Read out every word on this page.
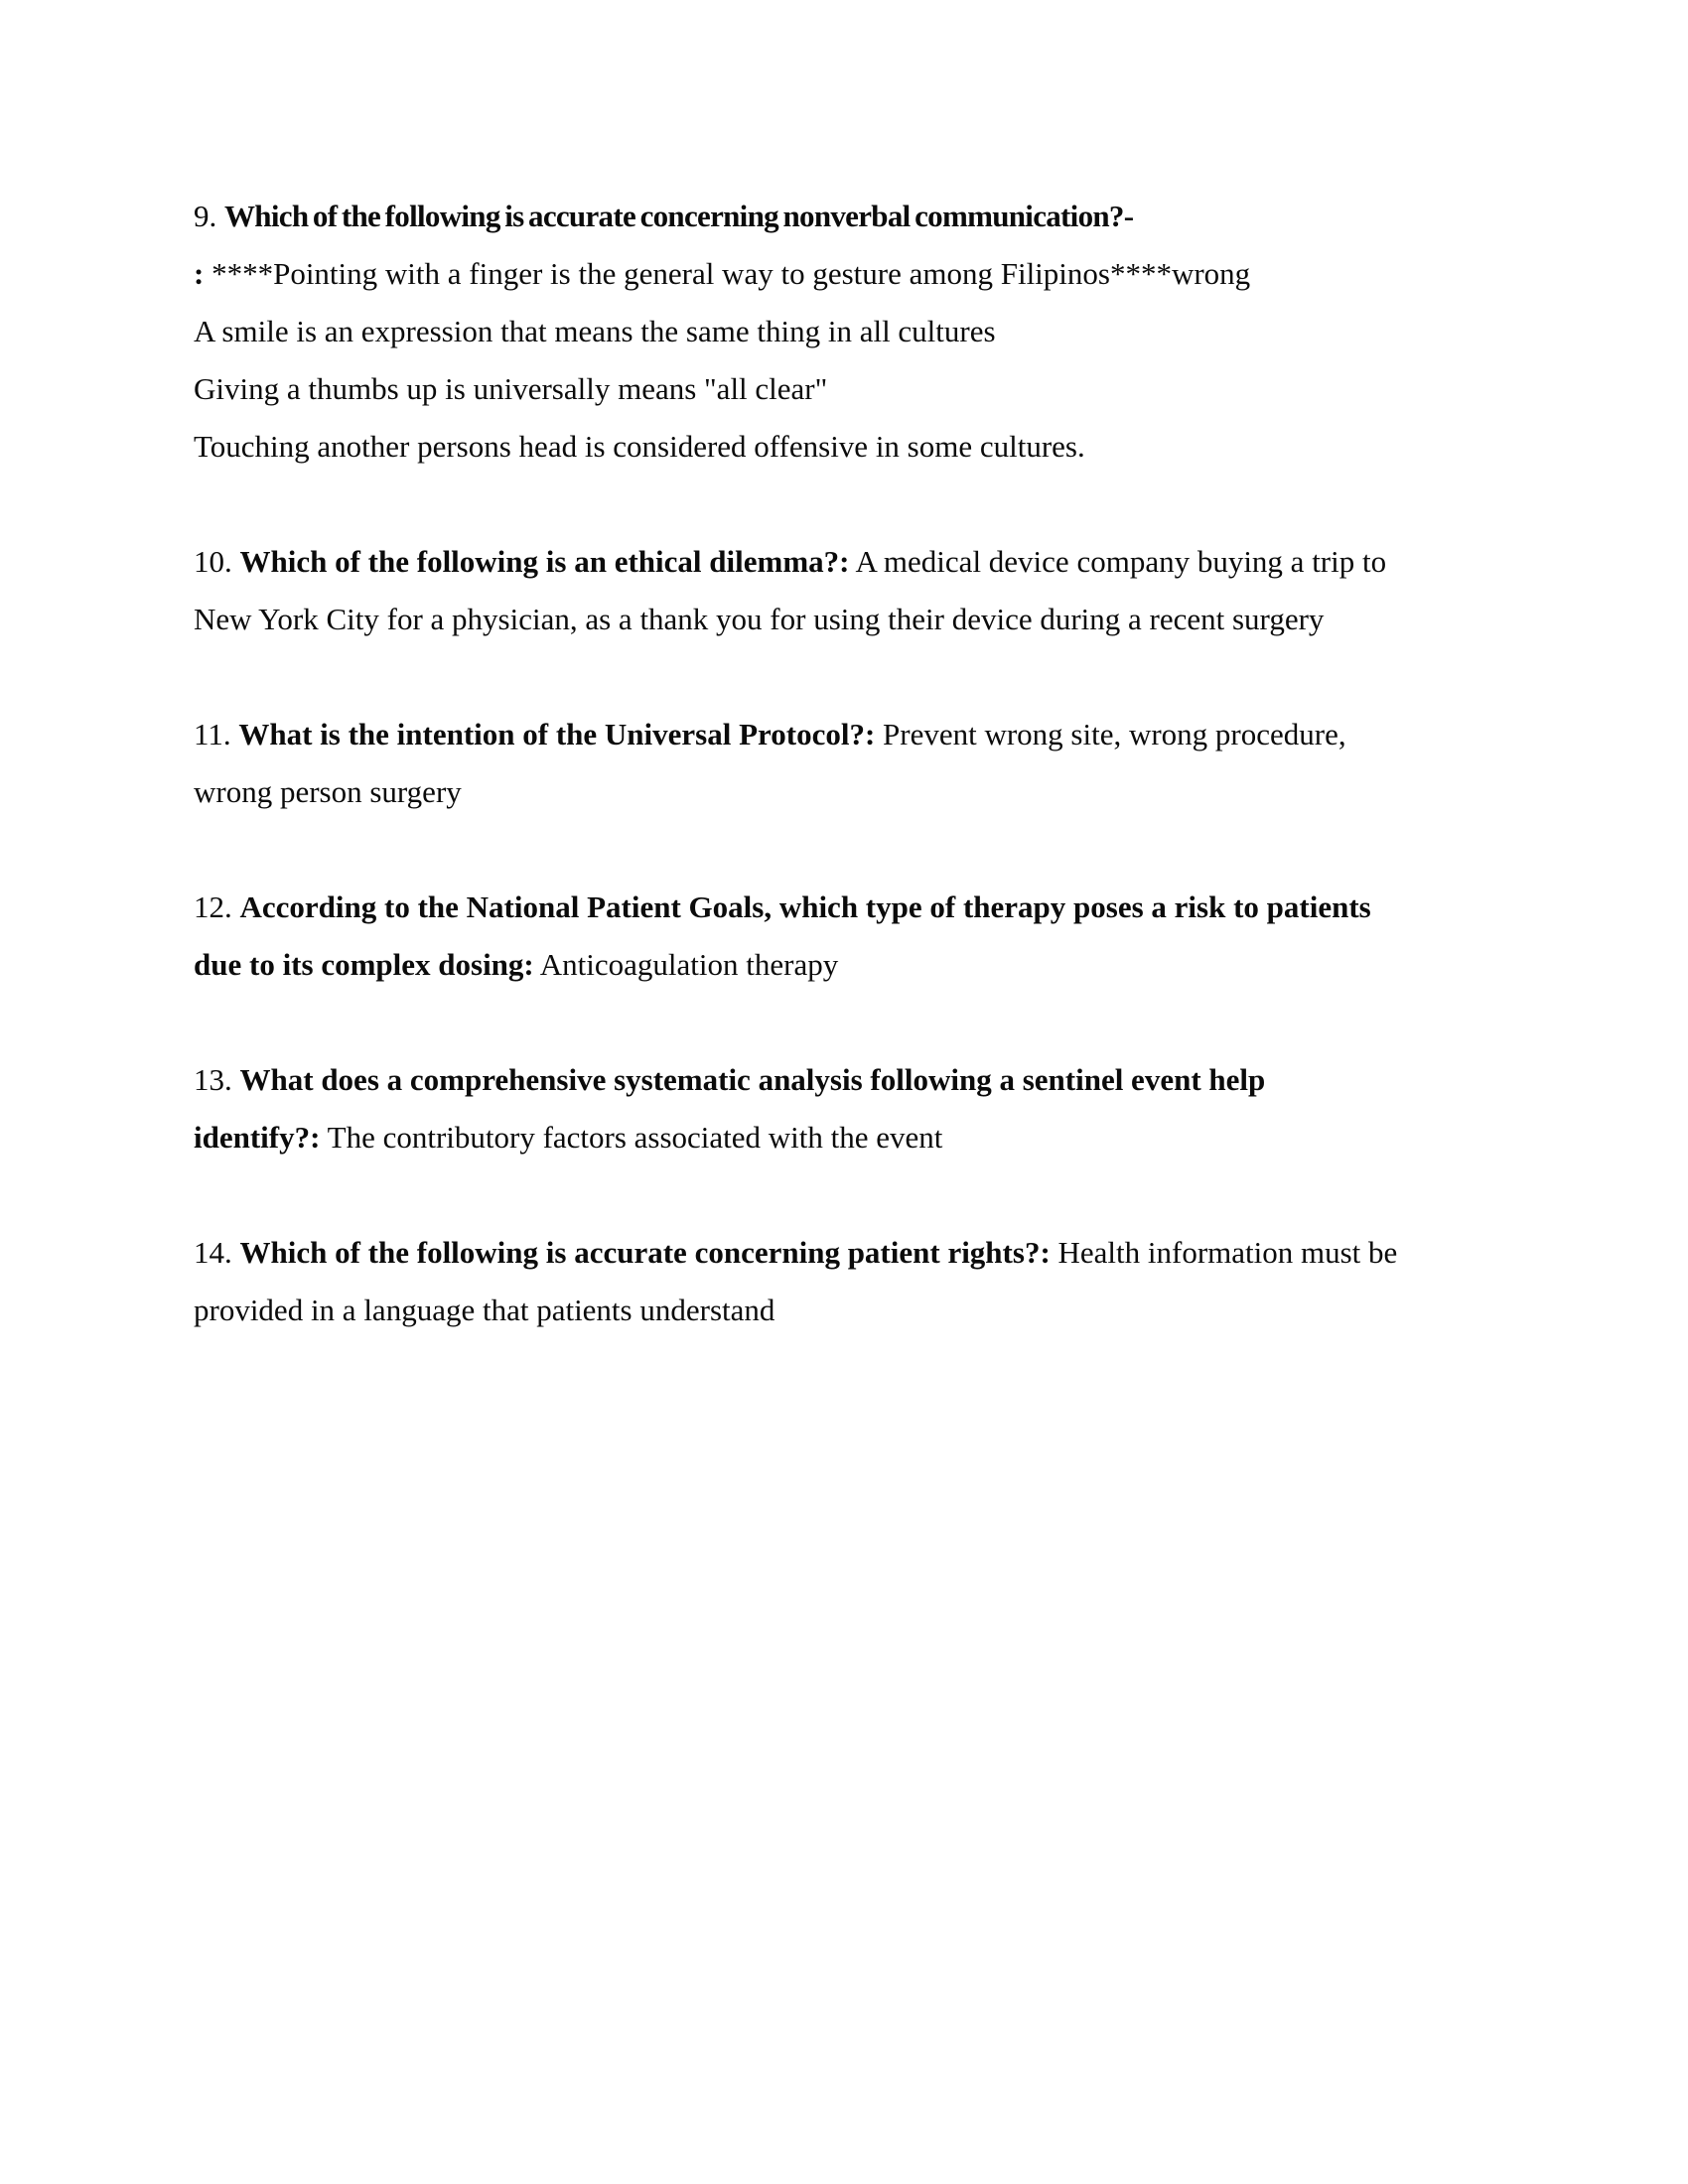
9. Which of the following is accurate concerning nonverbal communication?-
: ****Pointing with a finger is the general way to gesture among Filipinos****wrong
A smile is an expression that means the same thing in all cultures
Giving a thumbs up is universally means "all clear"
Touching another persons head is considered offensive in some cultures.
10. Which of the following is an ethical dilemma?: A medical device company buying a trip to
New York City for a physician, as a thank you for using their device during a recent surgery
11. What is the intention of the Universal Protocol?: Prevent wrong site, wrong procedure,
wrong person surgery
12. According to the National Patient Goals, which type of therapy poses a risk to patients
due to its complex dosing: Anticoagulation therapy
13. What does a comprehensive systematic analysis following a sentinel event help
identify?: The contributory factors associated with the event
14. Which of the following is accurate concerning patient rights?: Health information must be
provided in a language that patients understand
